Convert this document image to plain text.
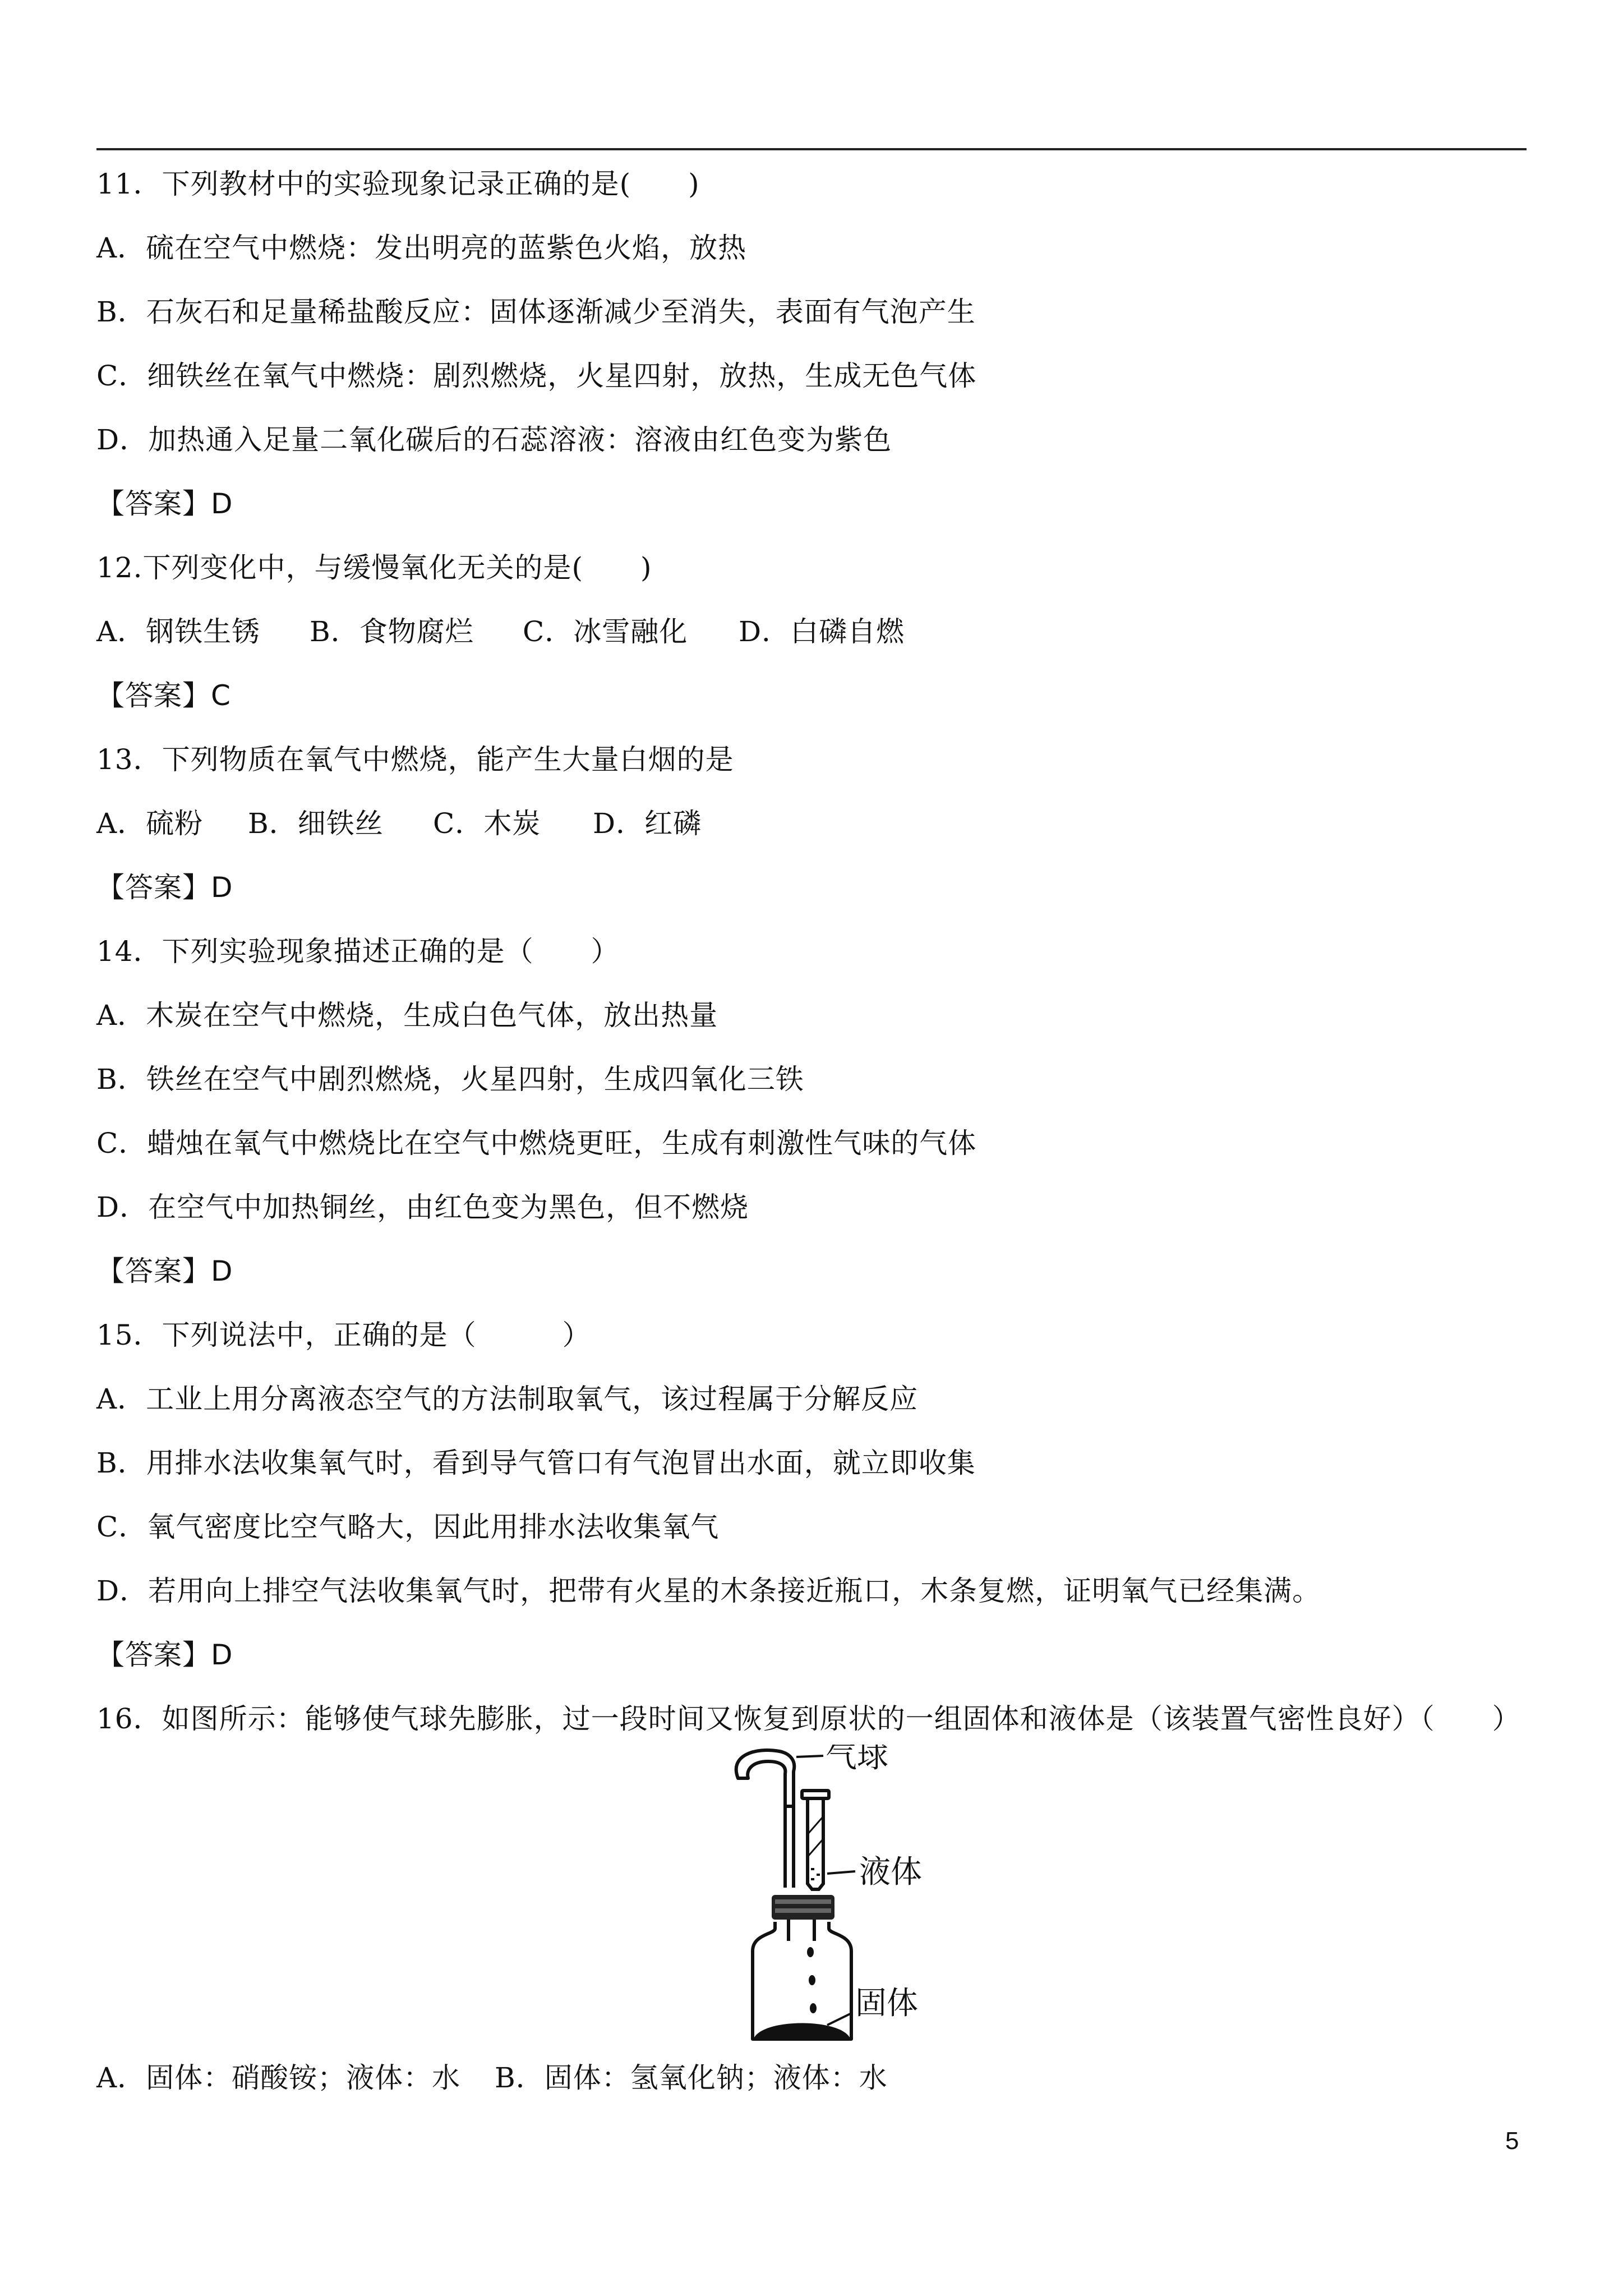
11．下列教材中的实验现象记录正确的是(　　)
A．硫在空气中燃烧：发出明亮的蓝紫色火焰，放热
B．石灰石和足量稀盐酸反应：固体逐渐减少至消失，表面有气泡产生
C．细铁丝在氧气中燃烧：剧烈燃烧，火星四射，放热，生成无色气体
D．加热通入足量二氧化碳后的石蕊溶液：溶液由红色变为紫色
【答案】D
12.下列变化中，与缓慢氧化无关的是(　　)
A．钢铁生锈 B．食物腐烂 C．冰雪融化 D．白磷自燃
【答案】C
13．下列物质在氧气中燃烧，能产生大量白烟的是
A．硫粉 B．细铁丝 C．木炭 D．红磷
【答案】D
14．下列实验现象描述正确的是（　　）
A．木炭在空气中燃烧，生成白色气体，放出热量
B．铁丝在空气中剧烈燃烧，火星四射，生成四氧化三铁
C．蜡烛在氧气中燃烧比在空气中燃烧更旺，生成有刺激性气味的气体
D．在空气中加热铜丝，由红色变为黑色，但不燃烧
【答案】D
15．下列说法中，正确的是（　　　）
A．工业上用分离液态空气的方法制取氧气，该过程属于分解反应
B．用排水法收集氧气时，看到导气管口有气泡冒出水面，就立即收集
C．氧气密度比空气略大，因此用排水法收集氧气
D．若用向上排空气法收集氧气时，把带有火星的木条接近瓶口，木条复燃，证明氧气已经集满。
【答案】D
16．如图所示：能够使气球先膨胀，过一段时间又恢复到原状的一组固体和液体是（该装置气密性良好）（　　）
气球
液体
固体
A．固体：硝酸铵；液体：水 B．固体：氢氧化钠；液体：水
5
